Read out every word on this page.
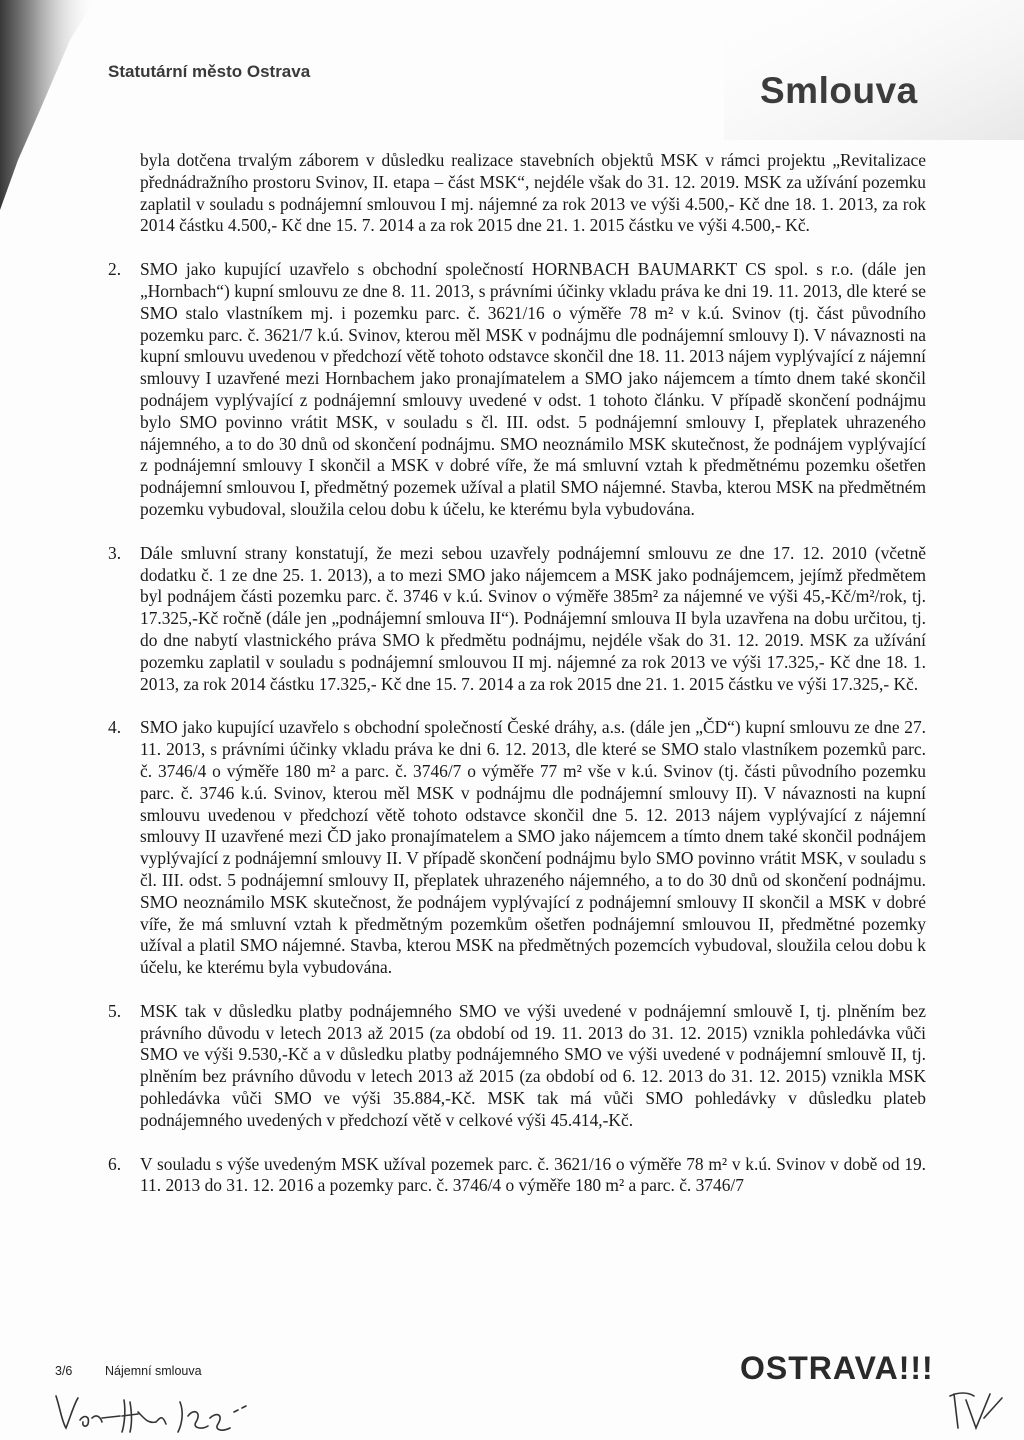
Statutární město Ostrava	Smlouva
byla dotčena trvalým záborem v důsledku realizace stavebních objektů MSK v rámci projektu „Revitalizace přednádražního prostoru Svinov, II. etapa – část MSK“, nejdéle však do 31. 12. 2019. MSK za užívání pozemku zaplatil v souladu s podnájemní smlouvou I mj. nájemné za rok 2013 ve výši 4.500,- Kč dne 18. 1. 2013, za rok 2014 částku 4.500,- Kč dne 15. 7. 2014 a za rok 2015 dne 21. 1. 2015 částku ve výši 4.500,- Kč.
2.	SMO jako kupující uzavřelo s obchodní společností HORNBACH BAUMARKT CS spol. s r.o. (dále jen „Hornbach“) kupní smlouvu ze dne 8. 11. 2013, s právními účinky vkladu práva ke dni 19. 11. 2013, dle které se SMO stalo vlastníkem mj. i pozemku parc. č. 3621/16 o výměře 78 m² v k.ú. Svinov (tj. část původního pozemku parc. č. 3621/7 k.ú. Svinov, kterou měl MSK v podnájmu dle podnájemní smlouvy I). V návaznosti na kupní smlouvu uvedenou v předchozí větě tohoto odstavce skončil dne 18. 11. 2013 nájem vyplývající z nájemní smlouvy I uzavřené mezi Hornbachem jako pronajímatelem a SMO jako nájemcem a tímto dnem také skončil podnájem vyplývající z podnájemní smlouvy uvedené v odst. 1 tohoto článku. V případě skončení podnájmu bylo SMO povinno vrátit MSK, v souladu s čl. III. odst. 5 podnájemní smlouvy I, přeplatek uhrazeného nájemného, a to do 30 dnů od skončení podnájmu. SMO neoznámilo MSK skutečnost, že podnájem vyplývající z podnájemní smlouvy I skončil a MSK v dobré víře, že má smluvní vztah k předmětnému pozemku ošetřen podnájemní smlouvou I, předmětný pozemek užíval a platil SMO nájemné. Stavba, kterou MSK na předmětném pozemku vybudoval, sloužila celou dobu k účelu, ke kterému byla vybudována.
3.	Dále smluvní strany konstatují, že mezi sebou uzavřely podnájemní smlouvu ze dne 17. 12. 2010 (včetně dodatku č. 1 ze dne 25. 1. 2013), a to mezi SMO jako nájemcem a MSK jako podnájemcem, jejímž předmětem byl podnájem části pozemku parc. č. 3746 v k.ú. Svinov o výměře 385m² za nájemné ve výši 45,-Kč/m²/rok, tj. 17.325,-Kč ročně (dále jen „podnájemní smlouva II“). Podnájemní smlouva II byla uzavřena na dobu určitou, tj. do dne nabytí vlastnického práva SMO k předmětu podnájmu, nejdéle však do 31. 12. 2019. MSK za užívání pozemku zaplatil v souladu s podnájemní smlouvou II mj. nájemné za rok 2013 ve výši 17.325,- Kč dne 18. 1. 2013, za rok 2014 částku 17.325,- Kč dne 15. 7. 2014 a za rok 2015 dne 21. 1. 2015 částku ve výši 17.325,- Kč.
4.	SMO jako kupující uzavřelo s obchodní společností České dráhy, a.s. (dále jen „ČD“) kupní smlouvu ze dne 27. 11. 2013, s právními účinky vkladu práva ke dni 6. 12. 2013, dle které se SMO stalo vlastníkem pozemků parc. č. 3746/4 o výměře 180 m² a parc. č. 3746/7 o výměře 77 m² vše v k.ú. Svinov (tj. části původního pozemku parc. č. 3746 k.ú. Svinov, kterou měl MSK v podnájmu dle podnájemní smlouvy II). V návaznosti na kupní smlouvu uvedenou v předchozí větě tohoto odstavce skončil dne 5. 12. 2013 nájem vyplývající z nájemní smlouvy II uzavřené mezi ČD jako pronajímatelem a SMO jako nájemcem a tímto dnem také skončil podnájem vyplývající z podnájemní smlouvy II. V případě skončení podnájmu bylo SMO povinno vrátit MSK, v souladu s čl. III. odst. 5 podnájemní smlouvy II, přeplatek uhrazeného nájemného, a to do 30 dnů od skončení podnájmu. SMO neoznámilo MSK skutečnost, že podnájem vyplývající z podnájemní smlouvy II skončil a MSK v dobré víře, že má smluvní vztah k předmětným pozemkům ošetřen podnájemní smlouvou II, předmětné pozemky užíval a platil SMO nájemné. Stavba, kterou MSK na předmětných pozemcích vybudoval, sloužila celou dobu k účelu, ke kterému byla vybudována.
5.	MSK tak v důsledku platby podnájemného SMO ve výši uvedené v podnájemní smlouvě I, tj. plněním bez právního důvodu v letech 2013 až 2015 (za období od 19. 11. 2013 do 31. 12. 2015) vznikla pohledávka vůči SMO ve výši 9.530,-Kč a v důsledku platby podnájemného SMO ve výši uvedené v podnájemní smlouvě II, tj. plněním bez právního důvodu v letech 2013 až 2015 (za období od 6. 12. 2013 do 31. 12. 2015) vznikla MSK pohledávka vůči SMO ve výši 35.884,-Kč. MSK tak má vůči SMO pohledávky v důsledku plateb podnájemného uvedených v předchozí větě v celkové výši 45.414,-Kč.
6.	V souladu s výše uvedeným MSK užíval pozemek parc. č. 3621/16 o výměře 78 m² v k.ú. Svinov v době od 19. 11. 2013 do 31. 12. 2016 a pozemky parc. č. 3746/4 o výměře 180 m² a parc. č. 3746/7
3/6	Nájemní smlouva	OSTRAVA!!!
